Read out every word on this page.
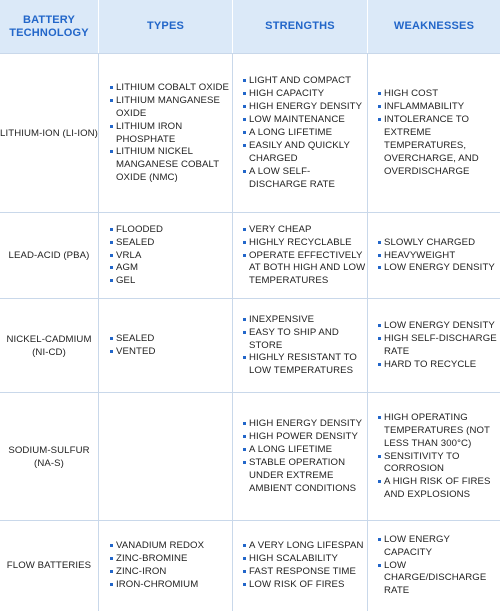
BATTERY TECHNOLOGY
TYPES	STRENGTHS	WEAKNESSES
LITHIUM-ION (LI-ION)
LITHIUM COBALT OXIDE
LITHIUM MANGANESE OXIDE
LITHIUM IRON PHOSPHATE
LITHIUM NICKEL MANGANESE COBALT OXIDE (NMC)
LIGHT AND COMPACT
HIGH CAPACITY
HIGH ENERGY DENSITY
LOW MAINTENANCE
A LONG LIFETIME
EASILY AND QUICKLY CHARGED
A LOW SELF-DISCHARGE RATE
HIGH COST
INFLAMMABILITY
INTOLERANCE TO EXTREME TEMPERATURES, OVERCHARGE, AND OVERDISCHARGE
LEAD-ACID (PBA)
FLOODED
SEALED
VRLA
AGM
GEL
VERY CHEAP
HIGHLY RECYCLABLE
OPERATE EFFECTIVELY AT BOTH HIGH AND LOW TEMPERATURES
SLOWLY CHARGED
HEAVYWEIGHT
LOW ENERGY DENSITY
NICKEL-CADMIUM (NI-CD)
SEALED
VENTED
INEXPENSIVE
EASY TO SHIP AND STORE
HIGHLY RESISTANT TO LOW TEMPERATURES
LOW ENERGY DENSITY
HIGH SELF-DISCHARGE RATE
HARD TO RECYCLE
SODIUM-SULFUR (NA-S)
HIGH ENERGY DENSITY
HIGH POWER DENSITY
A LONG LIFETIME
STABLE OPERATION UNDER EXTREME AMBIENT CONDITIONS
HIGH OPERATING TEMPERATURES (NOT LESS THAN 300°C)
SENSITIVITY TO CORROSION
A HIGH RISK OF FIRES AND EXPLOSIONS
FLOW BATTERIES
VANADIUM REDOX
ZINC-BROMINE
ZINC-IRON
IRON-CHROMIUM
A VERY LONG LIFESPAN
HIGH SCALABILITY
FAST RESPONSE TIME
LOW RISK OF FIRES
LOW ENERGY CAPACITY
LOW CHARGE/DISCHARGE RATE
